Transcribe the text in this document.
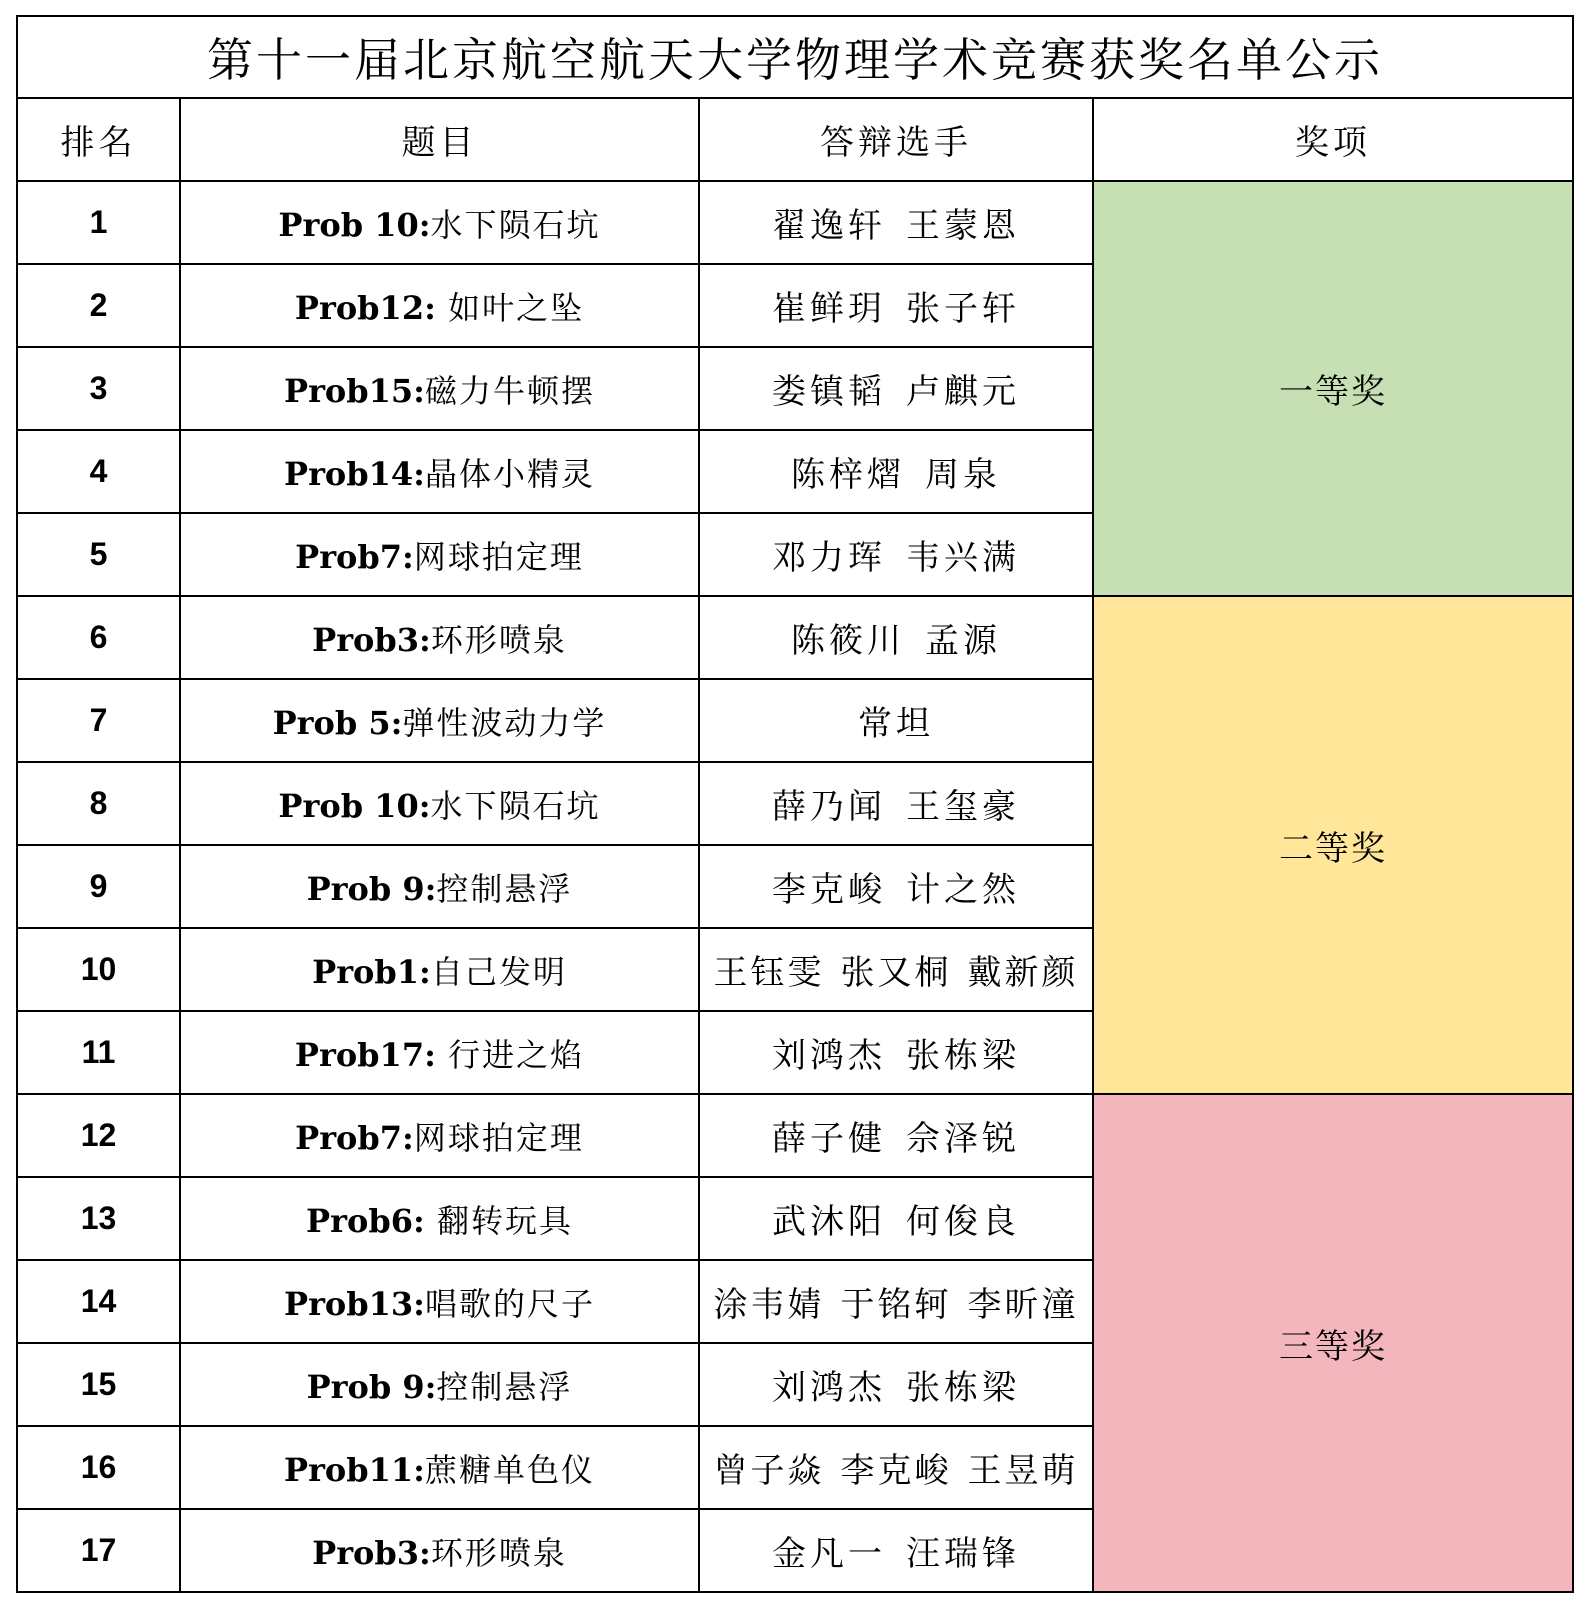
第十一届北京航空航天大学物理学术竞赛获奖名单公示			
排名	题目	答辩选手	奖项
1	Prob 10:水下陨石坑	翟逸轩 王蒙恩	一等奖
2	Prob12: 如叶之坠	崔鲜玥 张子轩	
3	Prob15:磁力牛顿摆	娄镇韬 卢麒元	
4	Prob14:晶体小精灵	陈梓熠 周泉	
5	Prob7:网球拍定理	邓力珲 韦兴满	
6	Prob3:环形喷泉	陈筱川 孟源	二等奖
7	Prob 5:弹性波动力学	常坦	
8	Prob 10:水下陨石坑	薛乃闻 王玺豪	
9	Prob 9:控制悬浮	李克峻 计之然	
10	Prob1:自己发明	王钰雯 张又桐 戴新颜	
11	Prob17: 行进之焰	刘鸿杰 张栋梁	
12	Prob7:网球拍定理	薛子健 佘泽锐	三等奖
13	Prob6: 翻转玩具	武沐阳 何俊良	
14	Prob13:唱歌的尺子	涂韦婧 于铭轲 李昕潼	
15	Prob 9:控制悬浮	刘鸿杰 张栋梁	
16	Prob11:蔗糖单色仪	曾子焱 李克峻 王昱萌	
17	Prob3:环形喷泉	金凡一 汪瑞锋	
